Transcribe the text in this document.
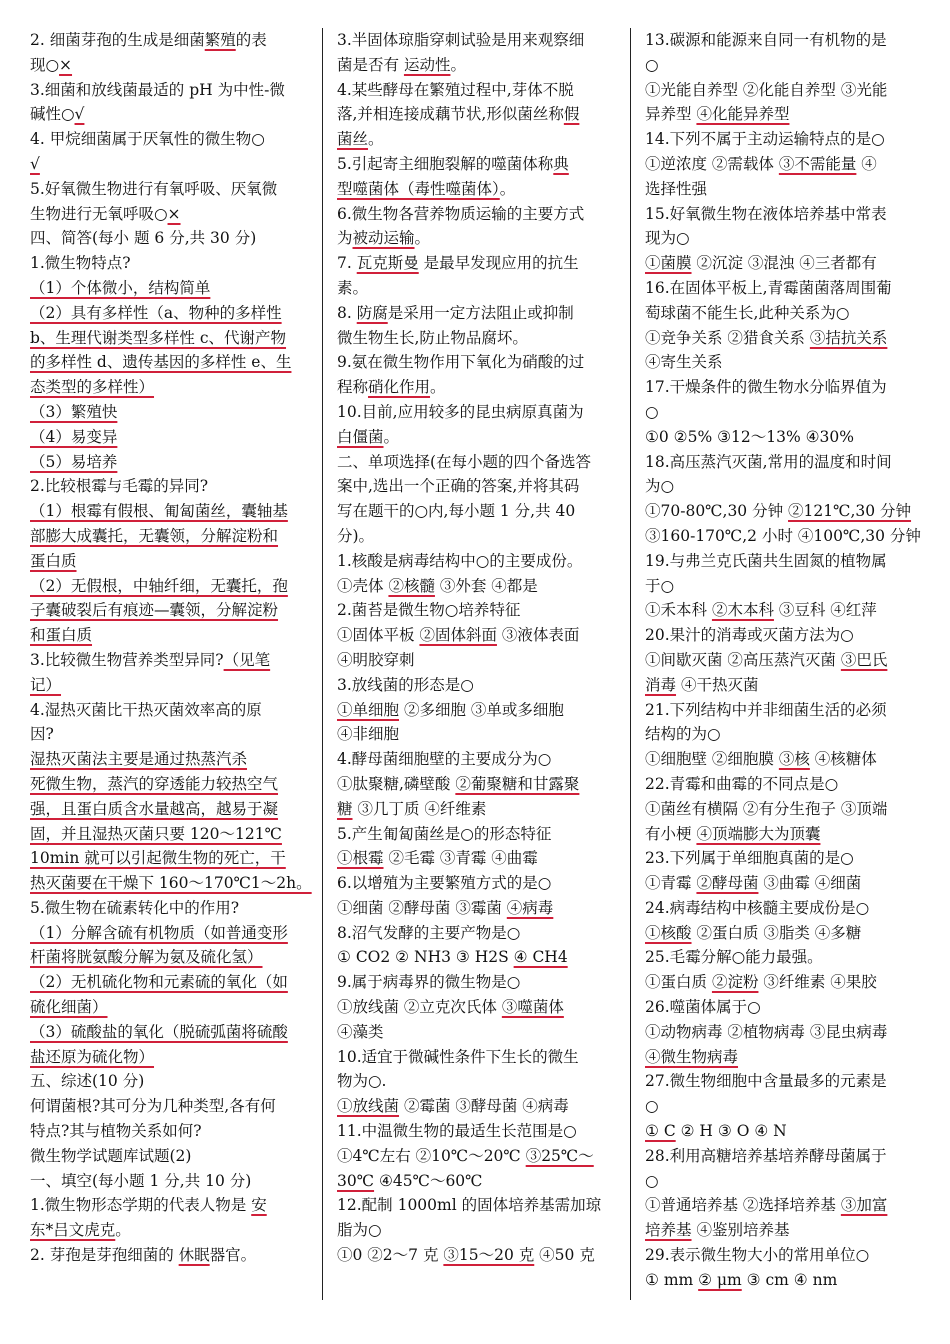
2. 细菌芽孢的生成是细菌繁殖的表
现○×
3.细菌和放线菌最适的 pH 为中性-微
碱性○√
4. 甲烷细菌属于厌氧性的微生物○
√
5.好氧微生物进行有氧呼吸、厌氧微
生物进行无氧呼吸○×
四、简答(每小 题 6 分,共 30 分)
1.微生物特点?
（1）个体微小，结构简单
（2）具有多样性（a、物种的多样性
b、生理代谢类型多样性 c、代谢产物
的多样性 d、遗传基因的多样性 e、生
态类型的多样性）
（3）繁殖快
（4）易变异
（5）易培养
2.比较根霉与毛霉的异同?
（1）根霉有假根、匍匐菌丝，囊轴基
部膨大成囊托，无囊领，分解淀粉和
蛋白质
（2）无假根，中轴纤细，无囊托，孢
子囊破裂后有痕迹—囊领，分解淀粉
和蛋白质
3.比较微生物营养类型异同?（见笔
记）
4.湿热灭菌比干热灭菌效率高的原
因?
湿热灭菌法主要是通过热蒸汽杀
死微生物，蒸汽的穿透能力较热空气
强，且蛋白质含水量越高，越易于凝
固，并且湿热灭菌只要 120～121℃
10min 就可以引起微生物的死亡，干
热灭菌要在干燥下 160～170℃1～2h。
5.微生物在硫素转化中的作用?
（1）分解含硫有机物质（如普通变形
杆菌将胱氨酸分解为氨及硫化氢）
（2）无机硫化物和元素硫的氧化（如
硫化细菌）
（3）硫酸盐的氧化（脱硫弧菌将硫酸
盐还原为硫化物）
五、综述(10 分)
何谓菌根?其可分为几种类型,各有何
特点?其与植物关系如何?
微生物学试题库试题(2)
一、填空(每小题 1 分,共 10 分)
1.微生物形态学期的代表人物是 安
东*吕文虎克。
2. 芽孢是芽孢细菌的 休眠器官。
3.半固体琼脂穿刺试验是用来观察细
菌是否有 运动性。
4.某些酵母在繁殖过程中,芽体不脱
落,并相连接成藕节状,形似菌丝称假
菌丝。
5.引起寄主细胞裂解的噬菌体称典
型噬菌体（毒性噬菌体）。
6.微生物各营养物质运输的主要方式
为被动运输。
7. 瓦克斯曼 是最早发现应用的抗生
素。
8. 防腐是采用一定方法阻止或抑制
微生物生长,防止物品腐坏。
9.氨在微生物作用下氧化为硝酸的过
程称硝化作用。
10.目前,应用较多的昆虫病原真菌为
白僵菌。
二、单项选择(在每小题的四个备选答
案中,选出一个正确的答案,并将其码
写在题干的○内,每小题 1 分,共 40
分)。
1.核酸是病毒结构中○的主要成份。
①壳体 ②核髓 ③外套 ④都是
2.菌苔是微生物○培养特征
①固体平板 ②固体斜面 ③液体表面
④明胶穿刺
3.放线菌的形态是○
①单细胞 ②多细胞 ③单或多细胞
④非细胞
4.酵母菌细胞壁的主要成分为○
①肽聚糖,磷壁酸 ②葡聚糖和甘露聚
糖 ③几丁质 ④纤维素
5.产生匍匐菌丝是○的形态特征
①根霉 ②毛霉 ③青霉 ④曲霉
6.以增殖为主要繁殖方式的是○
①细菌 ②酵母菌 ③霉菌 ④病毒
8.沼气发酵的主要产物是○
① CO2 ② NH3 ③ H2S ④ CH4
9.属于病毒界的微生物是○
①放线菌 ②立克次氏体 ③噬菌体
④藻类
10.适宜于微碱性条件下生长的微生
物为○.
①放线菌 ②霉菌 ③酵母菌 ④病毒
11.中温微生物的最适生长范围是○
①4℃左右 ②10℃～20℃ ③25℃～
30℃ ④45℃～60℃
12.配制 1000ml 的固体培养基需加琼
脂为○
①0 ②2～7 克 ③15～20 克 ④50 克
13.碳源和能源来自同一有机物的是
○
①光能自养型 ②化能自养型 ③光能
异养型 ④化能异养型
14.下列不属于主动运输特点的是○
①逆浓度 ②需载体 ③不需能量 ④
选择性强
15.好氧微生物在液体培养基中常表
现为○
①菌膜 ②沉淀 ③混浊 ④三者都有
16.在固体平板上,青霉菌菌落周围葡
萄球菌不能生长,此种关系为○
①竞争关系 ②猎食关系 ③拮抗关系
④寄生关系
17.干燥条件的微生物水分临界值为
○
①0 ②5% ③12～13% ④30%
18.高压蒸汽灭菌,常用的温度和时间
为○
①70-80℃,30 分钟 ②121℃,30 分钟
③160-170℃,2 小时 ④100℃,30 分钟
19.与弗兰克氏菌共生固氮的植物属
于○
①禾本科 ②木本科 ③豆科 ④红萍
20.果汁的消毒或灭菌方法为○
①间歇灭菌 ②高压蒸汽灭菌 ③巴氏
消毒 ④干热灭菌
21.下列结构中并非细菌生活的必须
结构的为○
①细胞壁 ②细胞膜 ③核 ④核糖体
22.青霉和曲霉的不同点是○
①菌丝有横隔 ②有分生孢子 ③顶端
有小梗 ④顶端膨大为顶囊
23.下列属于单细胞真菌的是○
①青霉 ②酵母菌 ③曲霉 ④细菌
24.病毒结构中核髓主要成份是○
①核酸 ②蛋白质 ③脂类 ④多糖
25.毛霉分解○能力最强。
①蛋白质 ②淀粉 ③纤维素 ④果胶
26.噬菌体属于○
①动物病毒 ②植物病毒 ③昆虫病毒
④微生物病毒
27.微生物细胞中含量最多的元素是
○
① C ② H ③ O ④ N
28.利用高糖培养基培养酵母菌属于
○
①普通培养基 ②选择培养基 ③加富
培养基 ④鉴别培养基
29.表示微生物大小的常用单位○
① mm ② μm ③ cm ④ nm
